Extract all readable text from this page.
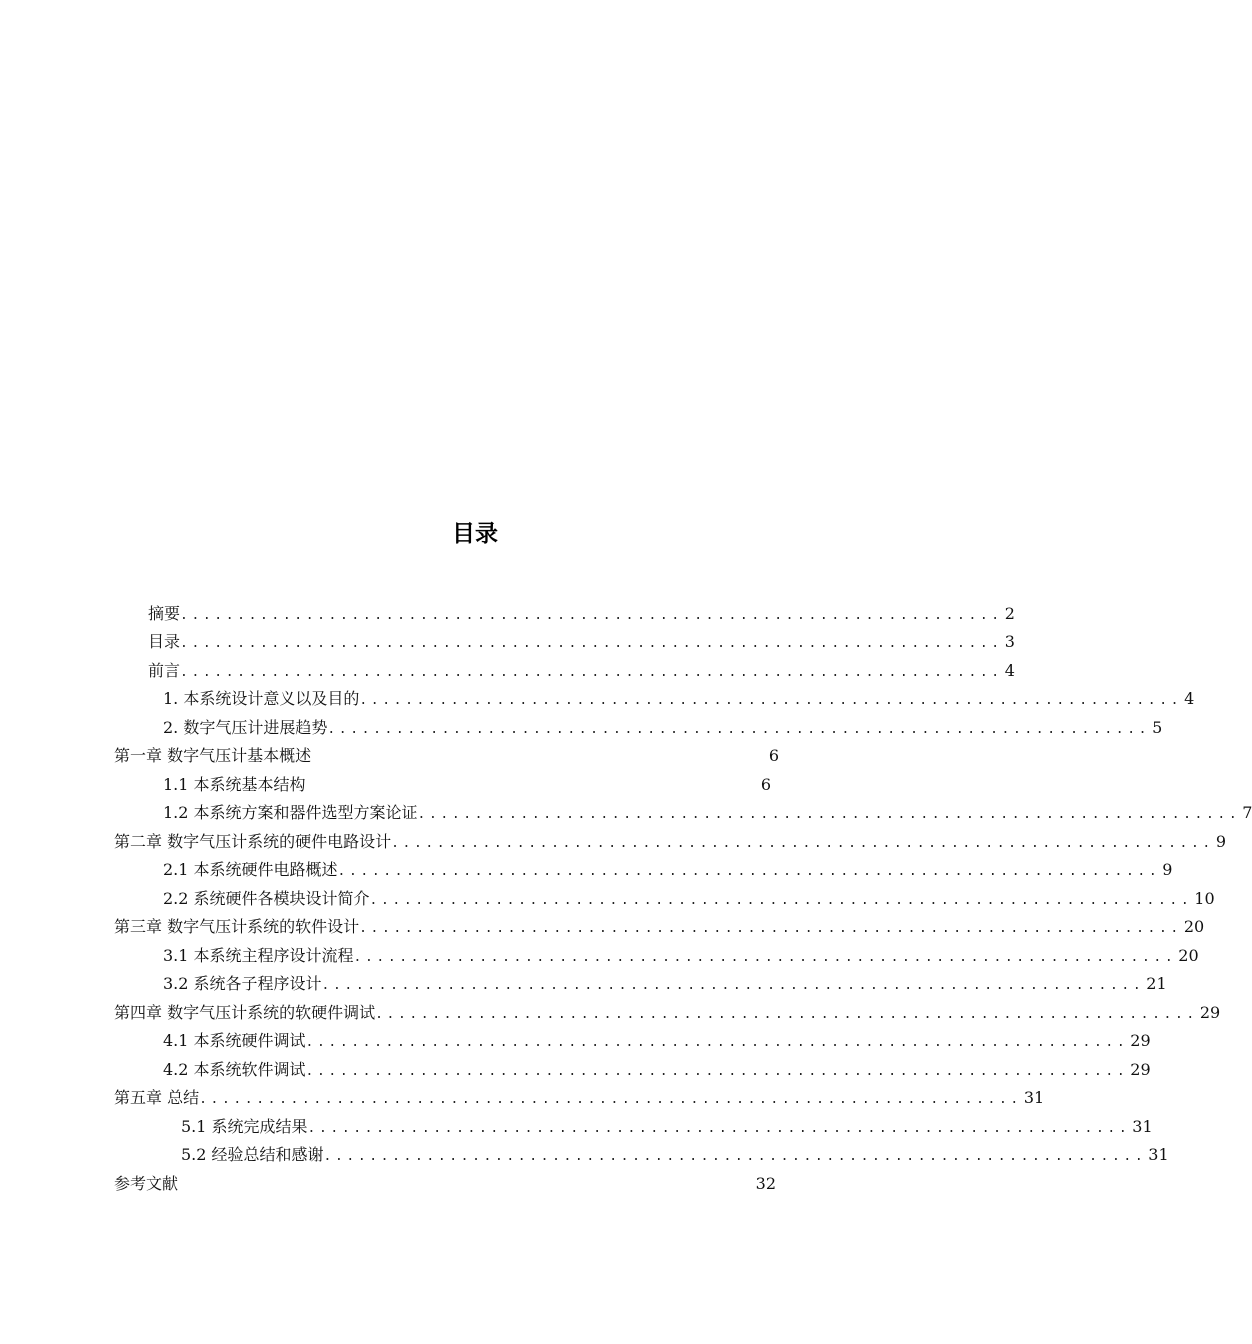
目录
摘要 ........................................................................ 2
目录 ........................................................................ 3
前言 ........................................................................ 4
1. 本系统设计意义以及目的 ........................................................................ 4
2. 数字气压计进展趋势 ........................................................................ 5
第一章 数字气压计基本概述	6
1.1 本系统基本结构	6
1.2 本系统方案和器件选型方案论证 ........................................................................ 7
第二章 数字气压计系统的硬件电路设计 ........................................................................ 9
2.1 本系统硬件电路概述 ........................................................................ 9
2.2 系统硬件各模块设计简介 ........................................................................ 10
第三章 数字气压计系统的软件设计 ........................................................................ 20
3.1 本系统主程序设计流程 ........................................................................ 20
3.2 系统各子程序设计 ........................................................................ 21
第四章 数字气压计系统的软硬件调试 ........................................................................ 29
4.1 本系统硬件调试 ........................................................................ 29
4.2 本系统软件调试 ........................................................................ 29
第五章 总结 ........................................................................ 31
5.1 系统完成结果 ........................................................................ 31
5.2 经验总结和感谢 ........................................................................ 31
参考文献	32
